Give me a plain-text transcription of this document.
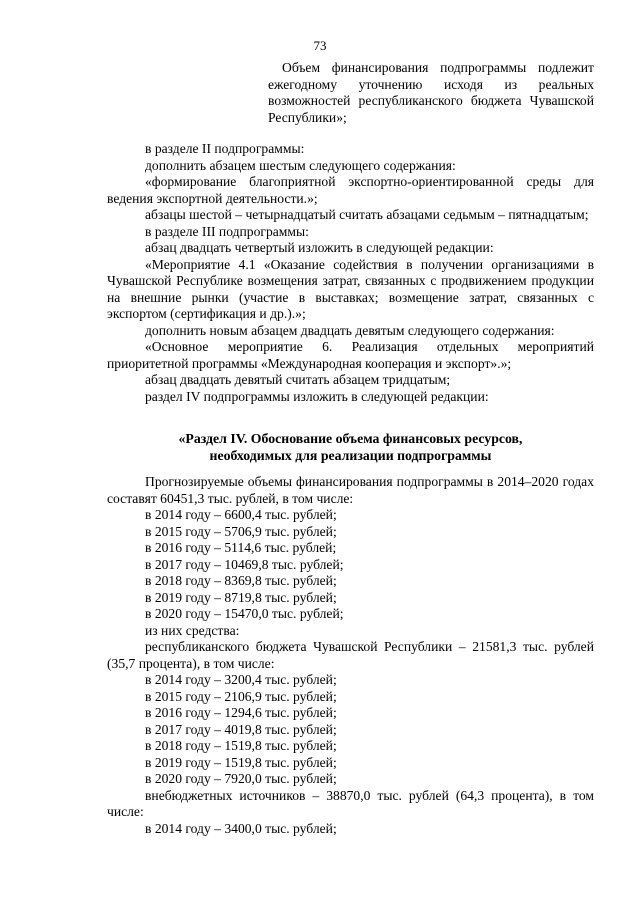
73

Объем финансирования подпрограммы подлежит ежегодному уточнению исходя из реальных возможностей республиканского бюджета Чувашской Республики»;

в разделе II подпрограммы:

дополнить абзацем шестым следующего содержания:

«формирование благоприятной экспортно-ориентированной среды для ведения экспортной деятельности.»;

абзацы шестой – четырнадцатый считать абзацами седьмым – пятнадцатым;

в разделе III подпрограммы:

абзац двадцать четвертый изложить в следующей редакции:

«Мероприятие 4.1 «Оказание содействия в получении организациями в Чувашской Республике возмещения затрат, связанных с продвижением продукции на внешние рынки (участие в выставках; возмещение затрат, связанных с экспортом (сертификация и др.).»;

дополнить новым абзацем двадцать девятым следующего содержания:

«Основное мероприятие 6. Реализация отдельных мероприятий приоритетной программы «Международная кооперация и экспорт».»;

абзац двадцать девятый считать абзацем тридцатым;

раздел IV подпрограммы изложить в следующей редакции:

«Раздел IV. Обоснование объема финансовых ресурсов,
необходимых для реализации подпрограммы

Прогнозируемые объемы финансирования подпрограммы в 2014–2020 годах составят 60451,3 тыс. рублей, в том числе:

в 2014 году – 6600,4 тыс. рублей;

в 2015 году – 5706,9 тыс. рублей;

в 2016 году – 5114,6 тыс. рублей;

в 2017 году – 10469,8 тыс. рублей;

в 2018 году – 8369,8 тыс. рублей;

в 2019 году – 8719,8 тыс. рублей;

в 2020 году – 15470,0 тыс. рублей;

из них средства:

республиканского бюджета Чувашской Республики – 21581,3 тыс. рублей (35,7 процента), в том числе:

в 2014 году – 3200,4 тыс. рублей;

в 2015 году – 2106,9 тыс. рублей;

в 2016 году – 1294,6 тыс. рублей;

в 2017 году – 4019,8 тыс. рублей;

в 2018 году – 1519,8 тыс. рублей;

в 2019 году – 1519,8 тыс. рублей;

в 2020 году – 7920,0 тыс. рублей;

внебюджетных источников – 38870,0 тыс. рублей (64,3 процента), в том числе:

в 2014 году – 3400,0 тыс. рублей;
